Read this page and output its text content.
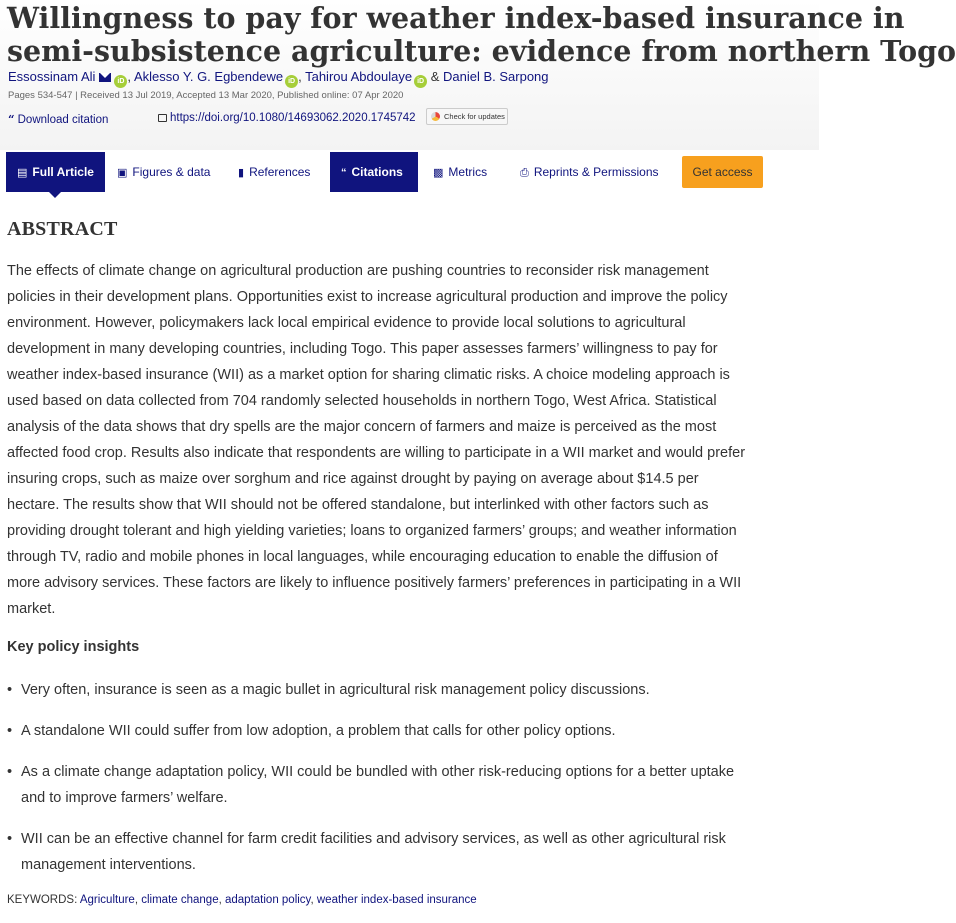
Willingness to pay for weather index-based insurance in
semi-subsistence agriculture: evidence from northern Togo
Essossinam Ali	iD , Aklesso Y. G. Egbendewe iD , Tahirou Abdoulaye iD & Daniel B. Sarpong
Pages 534-547 | Received 13 Jul 2019, Accepted 13 Mar 2020, Published online: 07 Apr 2020
“ Download citation	https://doi.org/10.1080/14693062.2020.1745742	Check for updates
▤ Full Article	▣ Figures & data	▮ References	“ Citations	▩ Metrics	⎙ Reprints & Permissions	Get access
ABSTRACT

The effects of climate change on agricultural production are pushing countries to reconsider risk management policies in their development plans. Opportunities exist to increase agricultural production and improve the policy environment. However, policymakers lack local empirical evidence to provide local solutions to agricultural development in many developing countries, including Togo. This paper assesses farmers’ willingness to pay for weather index-based insurance (WII) as a market option for sharing climatic risks. A choice modeling approach is used based on data collected from 704 randomly selected households in northern Togo, West Africa. Statistical analysis of the data shows that dry spells are the major concern of farmers and maize is perceived as the most affected food crop. Results also indicate that respondents are willing to participate in a WII market and would prefer insuring crops, such as maize over sorghum and rice against drought by paying on average about $14.5 per hectare. The results show that WII should not be offered standalone, but interlinked with other factors such as providing drought tolerant and high yielding varieties; loans to organized farmers’ groups; and weather information through TV, radio and mobile phones in local languages, while encouraging education to enable the diffusion of more advisory services. These factors are likely to influence positively farmers’ preferences in participating in a WII market.

Key policy insights
• Very often, insurance is seen as a magic bullet in agricultural risk management policy discussions.
• A standalone WII could suffer from low adoption, a problem that calls for other policy options.
• As a climate change adaptation policy, WII could be bundled with other risk-reducing options for a better uptake and to improve farmers’ welfare.
• WII can be an effective channel for farm credit facilities and advisory services, as well as other agricultural risk management interventions.
KEYWORDS: Agriculture, climate change, adaptation policy, weather index-based insurance
